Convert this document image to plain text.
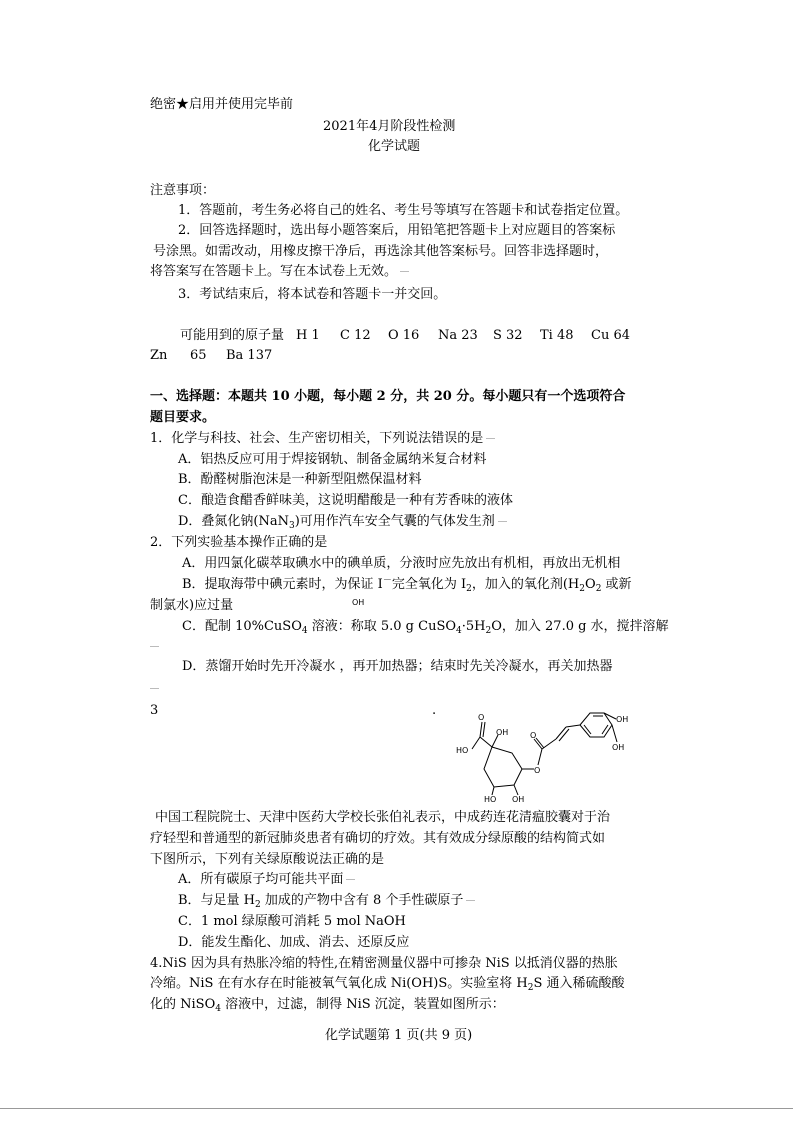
绝密★启用并使用完毕前
2021年4月阶段性检测
化学试题
注意事项：
1．答题前，考生务必将自己的姓名、考生号等填写在答题卡和试卷指定位置。
2．回答选择题时，选出每小题答案后，用铅笔把答题卡上对应题目的答案标
号涂黑。如需改动，用橡皮擦干净后，再选涂其他答案标号。回答非选择题时，
将答案写在答题卡上。写在本试卷上无效。
3．考试结束后，将本试卷和答题卡一并交回。
可能用到的原子量 H 1 C 12 O 16 Na 23 S 32 Ti 48 Cu 64
Zn 65 Ba 137
一、选择题：本题共 10 小题，每小题 2 分，共 20 分。每小题只有一个选项符合
题目要求。
1．化学与科技、社会、生产密切相关，下列说法错误的是
A．铝热反应可用于焊接钢轨、制备金属纳米复合材料
B．酚醛树脂泡沫是一种新型阻燃保温材料
C．酿造食醋香鲜味美，这说明醋酸是一种有芳香味的液体
D．叠氮化钠(NaN$_3$)可用作汽车安全气囊的气体发生剂
2．下列实验基本操作正确的是
A．用四氯化碳萃取碘水中的碘单质，分液时应先放出有机相，再放出无机相
B．提取海带中碘元素时，为保证 I－完全氧化为 $I_2$，加入的氧化剂($H_2O_2$ 或新
制氯水)应过量
C．配制 10%CuSO$_4$ 溶液：称取 5.0 g $CuSO_4\cdot 5H_2O$，加入 27.0 g 水，搅拌溶解
D．蒸馏开始时先开冷凝水 ，再开加热器；结束时先关冷凝水，再关加热器
3	.	O
OH
HO
O
O
HO OH
OH
OH
OH
中国工程院院士、天津中医药大学校长张伯礼表示，中成药连花清瘟胶囊对于治
疗轻型和普通型的新冠肺炎患者有确切的疗效。其有效成分绿原酸的结构简式如
下图所示，下列有关绿原酸说法正确的是
A．所有碳原子均可能共平面
B．与足量 $H_2$ 加成的产物中含有 8 个手性碳原子
C．1 mol 绿原酸可消耗 5 mol NaOH
D．能发生酯化、加成、消去、还原反应
4.NiS 因为具有热胀冷缩的特性,在精密测量仪器中可掺杂 NiS 以抵消仪器的热胀
冷缩。NiS 在有水存在时能被氧气氧化成 Ni(OH)S。实验室将 $H_2S$ 通入稀硫酸酸
化的 NiSO$_4$ 溶液中，过滤，制得 NiS 沉淀，装置如图所示：
化学试题第 1 页(共 9 页)
